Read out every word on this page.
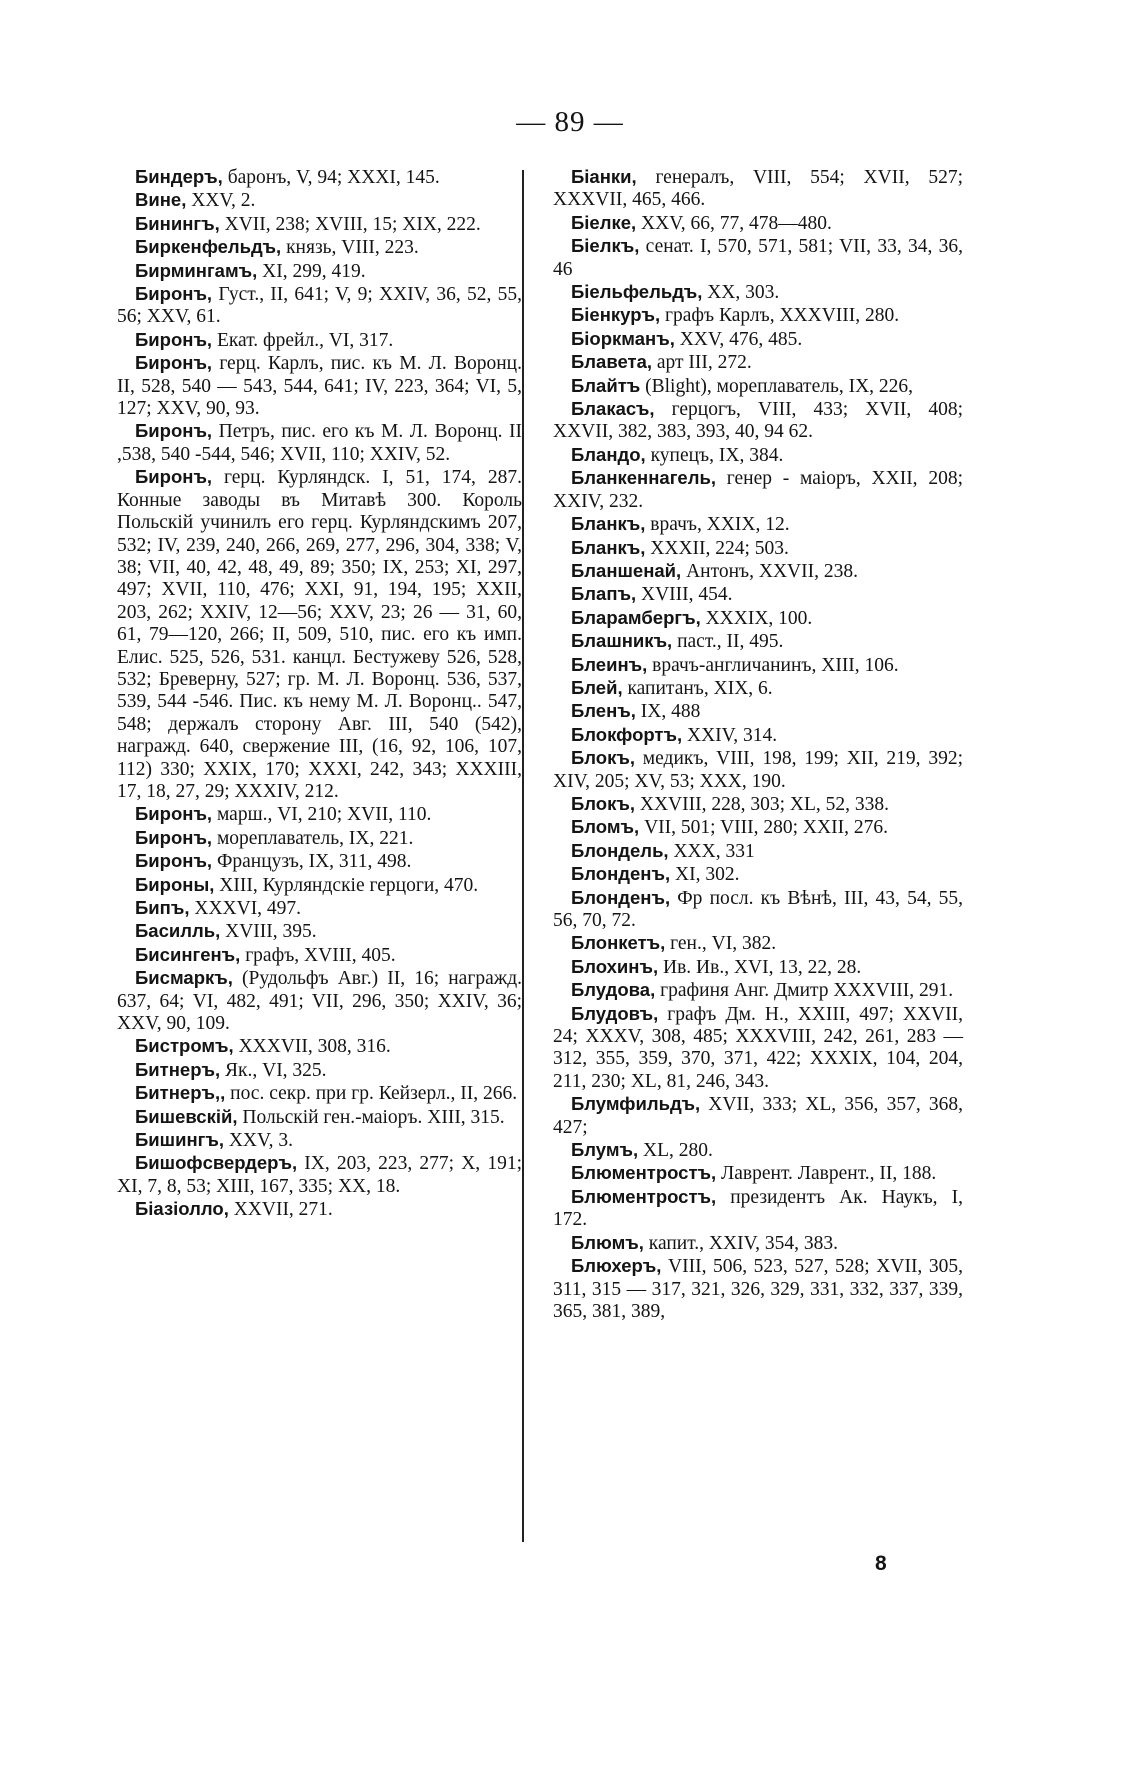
— 89 —

Биндеръ, баронъ, V, 94; XXXI, 145.

Вине, XXV, 2.

Бинингъ, XVII, 238; XVIII, 15; XIX, 222.

Биркенфельдъ, князь, VIII, 223.

Бирмингамъ, XI, 299, 419.

Биронъ, Густ., II, 641; V, 9; XXIV, 36, 52, 55, 56; XXV, 61.

Биронъ, Екат. фрейл., VI, 317.

Биронъ, герц. Карлъ, пис. къ М. Л. Воронц. II, 528, 540 — 543, 544, 641; IV, 223, 364; VI, 5, 127; XXV, 90, 93.

Биронъ, Петръ, пис. его къ М. Л. Воронц. II ,538, 540 -544, 546; XVII, 110; XXIV, 52.

Биронъ, герц. Курляндск. I, 51, 174, 287. Конные заводы въ Митавѣ 300. Король Польскій учинилъ его герц. Курляндскимъ 207, 532; IV, 239, 240, 266, 269, 277, 296, 304, 338; V, 38; VII, 40, 42, 48, 49, 89; 350; IX, 253; XI, 297, 497; XVII, 110, 476; XXI, 91, 194, 195; XXII, 203, 262; XXIV, 12—56; XXV, 23; 26 — 31, 60, 61, 79—120, 266; II, 509, 510, пис. его къ имп. Елис. 525, 526, 531. канцл. Бестужеву 526, 528, 532; Бреверну, 527; гр. М. Л. Воронц. 536, 537, 539, 544 -546. Пис. къ нему М. Л. Воронц.. 547, 548; держалъ сторону Авг. III, 540 (542), награжд. 640, свержение III, (16, 92, 106, 107, 112) 330; XXIX, 170; XXXI, 242, 343; XXXIII, 17, 18, 27, 29; XXXIV, 212.

Биронъ, марш., VI, 210; XVII, 110.

Биронъ, мореплаватель, IX, 221.

Биронъ, Французъ, IX, 311, 498.

Бироны, XIII, Курляндскіе герцоги, 470.

Бипъ, XXXVI, 497.

Басилль, XVIII, 395.

Бисингенъ, графъ, XVIII, 405.

Бисмаркъ, (Рудольфъ Авг.) II, 16; награжд. 637, 64; VI, 482, 491; VII, 296, 350; XXIV, 36; XXV, 90, 109.

Бистромъ, XXXVII, 308, 316.

Битнеръ, Як., VI, 325.

Битнеръ,, пос. секр. при гр. Кейзерл., II, 266.

Бишевскій, Польскій ген.-маіоръ. XIII, 315.

Бишингъ, XXV, 3.

Бишофсвердеръ, IX, 203, 223, 277; X, 191; XI, 7, 8, 53; XIII, 167, 335; XX, 18.

Біазіолло, XXVII, 271.

Біанки, генералъ, VIII, 554; XVII, 527; XXXVII, 465, 466.

Біелке, XXV, 66, 77, 478—480.

Біелкъ, сенат. I, 570, 571, 581; VII, 33, 34, 36, 46

Біельфельдъ, XX, 303.

Біенкуръ, графъ Карлъ, XXXVIII, 280.

Біоркманъ, XXV, 476, 485.

Блавета, арт III, 272.

Блайтъ (Blight), мореплаватель, IX, 226,

Блакасъ, герцогъ, VIII, 433; XVII, 408; XXVII, 382, 383, 393, 40, 94 62.

Бландо, купецъ, IX, 384.

Бланкеннагель, генер - маіоръ, XXII, 208; XXIV, 232.

Бланкъ, врачъ, XXIX, 12.

Бланкъ, XXXII, 224; 503.

Бланшенай, Антонъ, XXVII, 238.

Блапъ, XVIII, 454.

Бларамбергъ, XXXIX, 100.

Блашникъ, паст., II, 495.

Блеинъ, врачъ-англичанинъ, XIII, 106.

Блей, капитанъ, XIX, 6.

Бленъ, IX, 488

Блокфортъ, XXIV, 314.

Блокъ, медикъ, VIII, 198, 199; XII, 219, 392; XIV, 205; XV, 53; XXX, 190.

Блокъ, XXVIII, 228, 303; XL, 52, 338.

Бломъ, VII, 501; VIII, 280; XXII, 276.

Блондель, XXX, 331

Блонденъ, XI, 302.

Блонденъ, Фр посл. къ Вѣнѣ, III, 43, 54, 55, 56, 70, 72.

Блонкетъ, ген., VI, 382.

Блохинъ, Ив. Ив., XVI, 13, 22, 28.

Блудова, графиня Анг. Дмитр XXXVIII, 291.

Блудовъ, графъ Дм. Н., XXIII, 497; XXVII, 24; XXXV, 308, 485; XXXVIII, 242, 261, 283 — 312, 355, 359, 370, 371, 422; XXXIX, 104, 204, 211, 230; XL, 81, 246, 343.

Блумфильдъ, XVII, 333; XL, 356, 357, 368, 427;

Блумъ, XL, 280.

Блюментростъ, Лаврент. Лаврент., II, 188.

Блюментростъ, президентъ Ак. Наукъ, I, 172.

Блюмъ, капит., XXIV, 354, 383.

Блюхеръ, VIII, 506, 523, 527, 528; XVII, 305, 311, 315 — 317, 321, 326, 329, 331, 332, 337, 339, 365, 381, 389,

8
